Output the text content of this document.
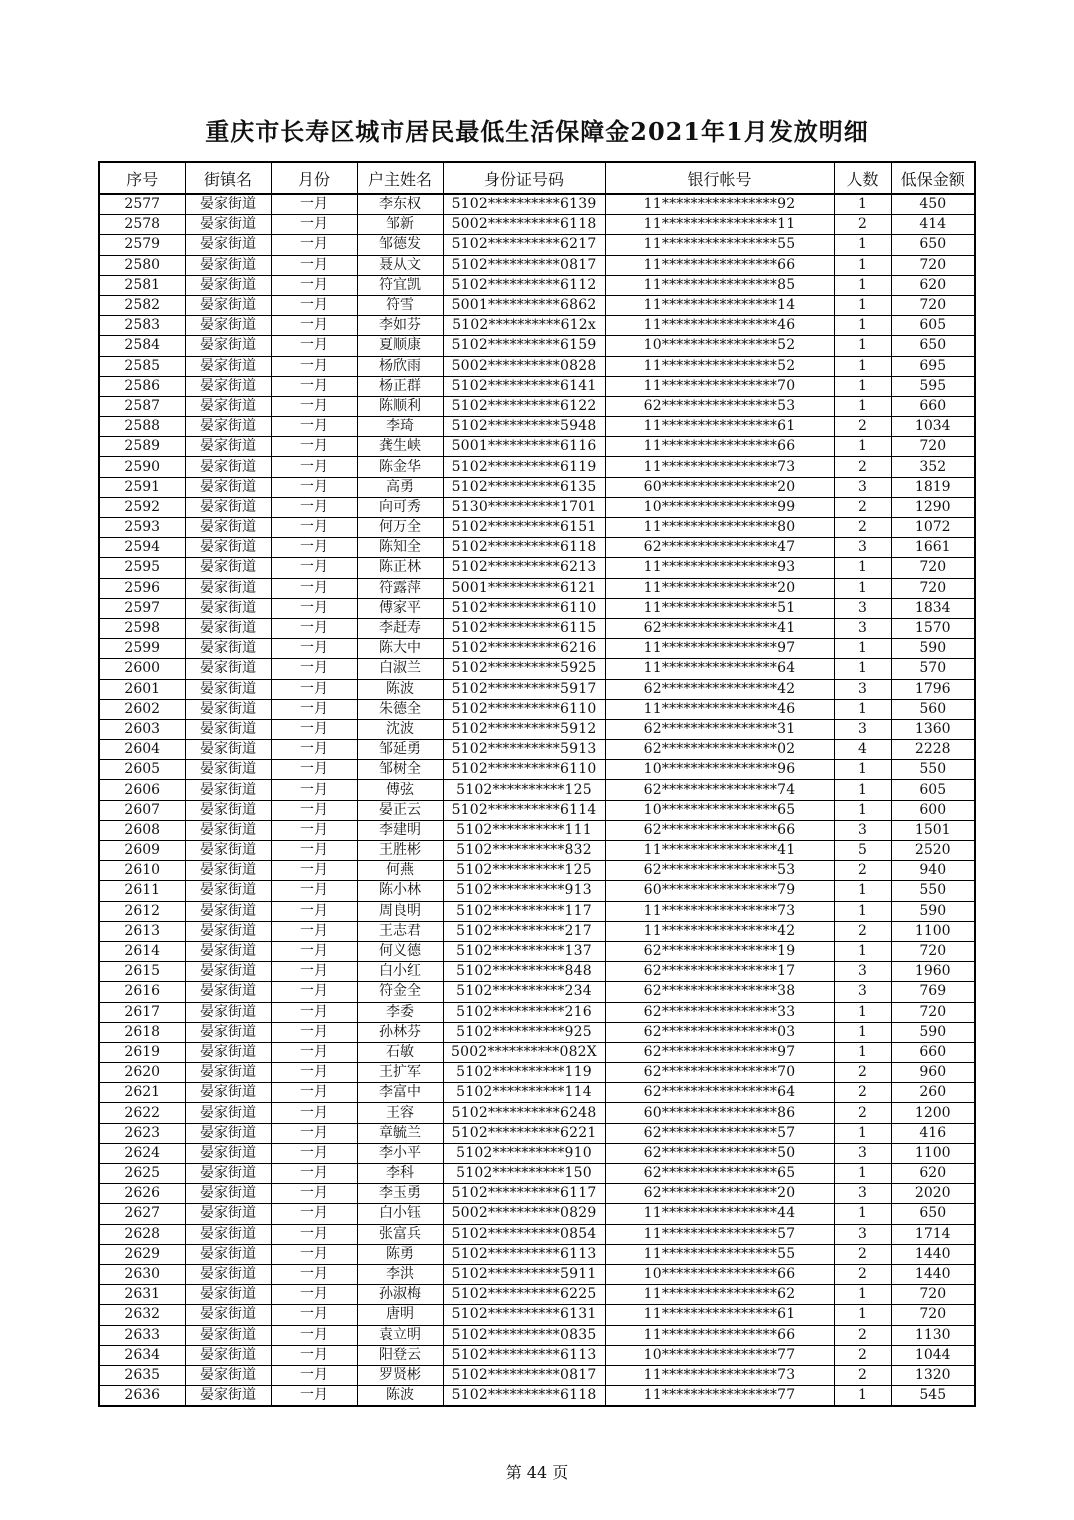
重庆市长寿区城市居民最低生活保障金2021年1月发放明细
序号	街镇名	月份	户主姓名	身份证号码	银行帐号	人数	低保金额
2577	晏家街道	一月	李东权	5102**********6139	11****************92	1	450
2578	晏家街道	一月	邹新	5002**********6118	11****************11	2	414
2579	晏家街道	一月	邹德发	5102**********6217	11****************55	1	650
2580	晏家街道	一月	聂从文	5102**********0817	11****************66	1	720
2581	晏家街道	一月	符宜凯	5102**********6112	11****************85	1	620
2582	晏家街道	一月	符雪	5001**********6862	11****************14	1	720
2583	晏家街道	一月	李如芬	5102**********612x	11****************46	1	605
2584	晏家街道	一月	夏顺康	5102**********6159	10****************52	1	650
2585	晏家街道	一月	杨欣雨	5002**********0828	11****************52	1	695
2586	晏家街道	一月	杨正群	5102**********6141	11****************70	1	595
2587	晏家街道	一月	陈顺利	5102**********6122	62****************53	1	660
2588	晏家街道	一月	李琦	5102**********5948	11****************61	2	1034
2589	晏家街道	一月	龚生峡	5001**********6116	11****************66	1	720
2590	晏家街道	一月	陈金华	5102**********6119	11****************73	2	352
2591	晏家街道	一月	高勇	5102**********6135	60****************20	3	1819
2592	晏家街道	一月	向可秀	5130**********1701	10****************99	2	1290
2593	晏家街道	一月	何万全	5102**********6151	11****************80	2	1072
2594	晏家街道	一月	陈知全	5102**********6118	62****************47	3	1661
2595	晏家街道	一月	陈正林	5102**********6213	11****************93	1	720
2596	晏家街道	一月	符露萍	5001**********6121	11****************20	1	720
2597	晏家街道	一月	傅家平	5102**********6110	11****************51	3	1834
2598	晏家街道	一月	李赶寿	5102**********6115	62****************41	3	1570
2599	晏家街道	一月	陈大中	5102**********6216	11****************97	1	590
2600	晏家街道	一月	白淑兰	5102**********5925	11****************64	1	570
2601	晏家街道	一月	陈波	5102**********5917	62****************42	3	1796
2602	晏家街道	一月	朱德全	5102**********6110	11****************46	1	560
2603	晏家街道	一月	沈波	5102**********5912	62****************31	3	1360
2604	晏家街道	一月	邹延勇	5102**********5913	62****************02	4	2228
2605	晏家街道	一月	邹树全	5102**********6110	10****************96	1	550
2606	晏家街道	一月	傅弦	5102**********125	62****************74	1	605
2607	晏家街道	一月	晏正云	5102**********6114	10****************65	1	600
2608	晏家街道	一月	李建明	5102**********111	62****************66	3	1501
2609	晏家街道	一月	王胜彬	5102**********832	11****************41	5	2520
2610	晏家街道	一月	何燕	5102**********125	62****************53	2	940
2611	晏家街道	一月	陈小林	5102**********913	60****************79	1	550
2612	晏家街道	一月	周良明	5102**********117	11****************73	1	590
2613	晏家街道	一月	王志君	5102**********217	11****************42	2	1100
2614	晏家街道	一月	何义德	5102**********137	62****************19	1	720
2615	晏家街道	一月	白小红	5102**********848	62****************17	3	1960
2616	晏家街道	一月	符金全	5102**********234	62****************38	3	769
2617	晏家街道	一月	李委	5102**********216	62****************33	1	720
2618	晏家街道	一月	孙林芬	5102**********925	62****************03	1	590
2619	晏家街道	一月	石敏	5002**********082X	62****************97	1	660
2620	晏家街道	一月	王扩军	5102**********119	62****************70	2	960
2621	晏家街道	一月	李富中	5102**********114	62****************64	2	260
2622	晏家街道	一月	王容	5102**********6248	60****************86	2	1200
2623	晏家街道	一月	章毓兰	5102**********6221	62****************57	1	416
2624	晏家街道	一月	李小平	5102**********910	62****************50	3	1100
2625	晏家街道	一月	李科	5102**********150	62****************65	1	620
2626	晏家街道	一月	李玉勇	5102**********6117	62****************20	3	2020
2627	晏家街道	一月	白小钰	5002**********0829	11****************44	1	650
2628	晏家街道	一月	张富兵	5102**********0854	11****************57	3	1714
2629	晏家街道	一月	陈勇	5102**********6113	11****************55	2	1440
2630	晏家街道	一月	李洪	5102**********5911	10****************66	2	1440
2631	晏家街道	一月	孙淑梅	5102**********6225	11****************62	1	720
2632	晏家街道	一月	唐明	5102**********6131	11****************61	1	720
2633	晏家街道	一月	袁立明	5102**********0835	11****************66	2	1130
2634	晏家街道	一月	阳登云	5102**********6113	10****************77	2	1044
2635	晏家街道	一月	罗贤彬	5102**********0817	11****************73	2	1320
2636	晏家街道	一月	陈波	5102**********6118	11****************77	1	545
第 44 页
